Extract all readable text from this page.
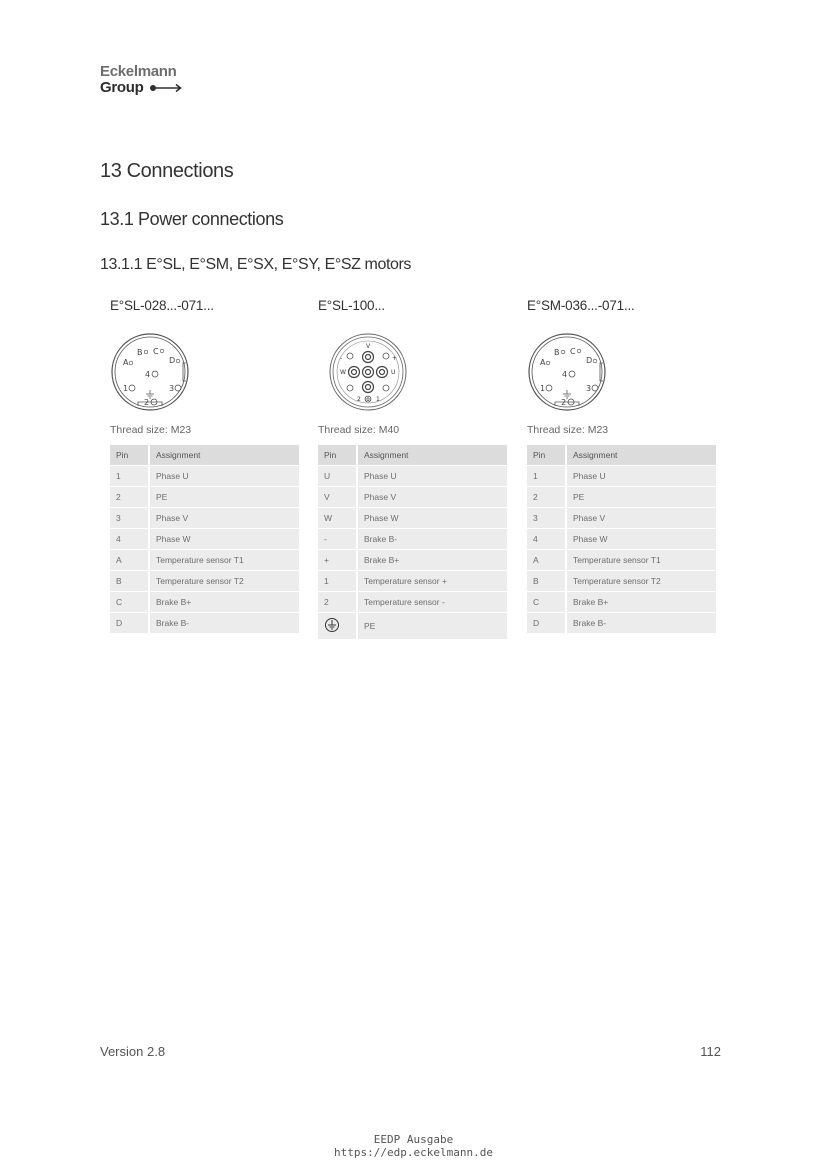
Eckelmann
Group
13 Connections
13.1 Power connections
13.1.1 E°SL, E°SM, E°SX, E°SY, E°SZ motors
E°SL-028...-071...
B C
A	D
4
1	3
2
Thread size: M23
Pin	Assignment
1	Phase U
2	PE
3	Phase V
4	Phase W
A	Temperature sensor T1
B	Temperature sensor T2
C	Brake B+
D	Brake B-
E°SL-100...
V
W	U
+
-
2	1
Thread size: M40
Pin	Assignment
U	Phase U
V	Phase V
W	Phase W
-	Brake B-
+	Brake B+
1	Temperature sensor +
2	Temperature sensor -
	PE
E°SM-036...-071...
B C
A	D
4
1	3
2
Thread size: M23
Pin	Assignment
1	Phase U
2	PE
3	Phase V
4	Phase W
A	Temperature sensor T1
B	Temperature sensor T2
C	Brake B+
D	Brake B-
Version 2.8	112
EEDP Ausgabe
https://edp.eckelmann.de
